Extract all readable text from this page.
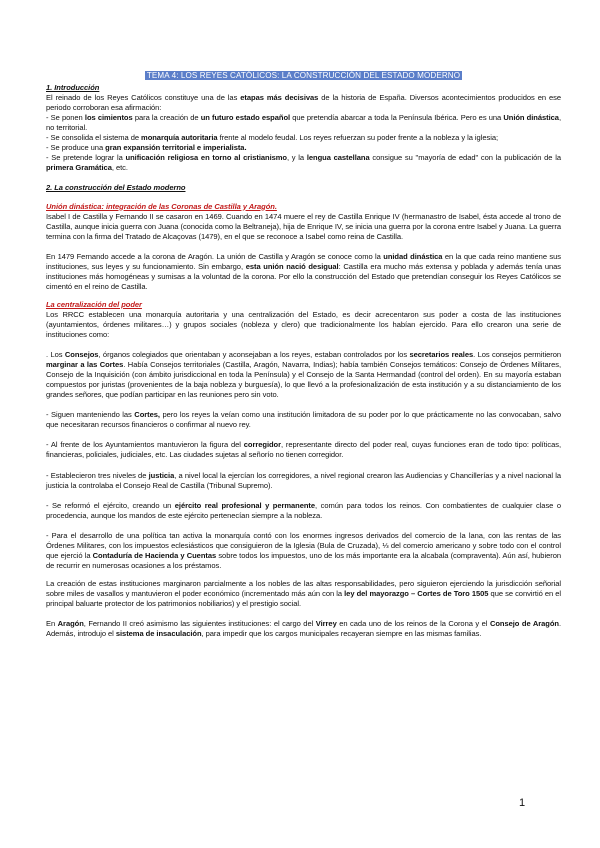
TEMA 4: LOS REYES CATÓLICOS: LA CONSTRUCCIÓN DEL ESTADO MODERNO

1. Introducción

El reinado de los Reyes Católicos constituye una de las etapas más decisivas de la historia de España. Diversos acontecimientos producidos en ese periodo corroboran esa afirmación:

- Se ponen los cimientos para la creación de un futuro estado español que pretendía abarcar a toda la Península Ibérica. Pero es una Unión dinástica, no territorial.

- Se consolida el sistema de monarquía autoritaria frente al modelo feudal. Los reyes refuerzan su poder frente a la nobleza y la iglesia;

- Se produce una gran expansión territorial e imperialista.

- Se pretende lograr la unificación religiosa en torno al cristianismo, y la lengua castellana consigue su "mayoría de edad" con la publicación de la primera Gramática, etc.

2. La construcción del Estado moderno

Unión dinástica: integración de las Coronas de Castilla y Aragón.

Isabel I de Castilla y Fernando II se casaron en 1469. Cuando en 1474 muere el rey de Castilla Enrique IV (hermanastro de Isabel, ésta accede al trono de Castilla, aunque inicia guerra con Juana (conocida como la Beltraneja), hija de Enrique IV, se inicia una guerra por la corona entre Isabel y Juana. La guerra termina con la firma del Tratado de Alcaçovas (1479), en el que se reconoce a Isabel como reina de Castilla.

En 1479 Fernando accede a la corona de Aragón. La unión de Castilla y Aragón se conoce como la unidad dinástica en la que cada reino mantiene sus instituciones, sus leyes y su funcionamiento. Sin embargo, esta unión nació desigual: Castilla era mucho más extensa y poblada y además tenía unas instituciones más homogéneas y sumisas a la voluntad de la corona. Por ello la construcción del Estado que pretendían conseguir los Reyes Católicos se cimentó en el reino de Castilla.

La centralización del poder

Los RRCC establecen una monarquía autoritaria y una centralización del Estado, es decir acrecentaron sus poder a costa de las instituciones (ayuntamientos, órdenes militares…) y grupos sociales (nobleza y clero) que tradicionalmente los habían ejercido. Para ello crearon una serie de instituciones como:

. Los Consejos, órganos colegiados que orientaban y aconsejaban a los reyes, estaban controlados por los secretarios reales. Los consejos permitieron marginar a las Cortes. Había Consejos territoriales (Castilla, Aragón, Navarra, Indias); había también Consejos temáticos: Consejo de Órdenes Militares, Consejo de la Inquisición (con ámbito jurisdiccional en toda la Península) y el Consejo de la Santa Hermandad (control del orden). En su mayoría estaban compuestos por juristas (provenientes de la baja nobleza y burguesía), lo que llevó a la profesionalización de esta institución y a su distanciamiento de los grandes señores, que podían participar en las reuniones pero sin voto.

- Siguen manteniendo las Cortes, pero los reyes la veían como una institución limitadora de su poder por lo que prácticamente no las convocaban, salvo que necesitaran recursos financieros o confirmar al nuevo rey.

- Al frente de los Ayuntamientos mantuvieron la figura del corregidor, representante directo del poder real, cuyas funciones eran de todo tipo: políticas, financieras, policiales, judiciales, etc. Las ciudades sujetas al señorío no tienen corregidor.

- Establecieron tres niveles de justicia, a nivel local la ejercían los corregidores, a nivel regional crearon las Audiencias y Chancillerías y a nivel nacional la justicia la controlaba el Consejo Real de Castilla (Tribunal Supremo).

- Se reformó el ejército, creando un ejército real profesional y permanente, común para todos los reinos. Con combatientes de cualquier clase o procedencia, aunque los mandos de este ejército pertenecían siempre a la nobleza.

- Para el desarrollo de una política tan activa la monarquía contó con los enormes ingresos derivados del comercio de la lana, con las rentas de las Órdenes Militares, con los impuestos eclesiásticos que consiguieron de la Iglesia (Bula de Cruzada), ⅓ del comercio americano y sobre todo con el control que ejerció la Contaduría de Hacienda y Cuentas sobre todos los impuestos, uno de los más importante era la alcabala (compraventa). Aún así, hubieron de recurrir en numerosas ocasiones a los préstamos.

La creación de estas instituciones marginaron parcialmente a los nobles de las altas responsabilidades, pero siguieron ejerciendo la jurisdicción señorial sobre miles de vasallos y mantuvieron el poder económico (incrementado más aún con la ley del mayorazgo – Cortes de Toro 1505 que se convirtió en el principal baluarte protector de los patrimonios nobiliarios) y el prestigio social.

En Aragón, Fernando II creó asimismo las siguientes instituciones: el cargo del Virrey en cada uno de los reinos de la Corona y el Consejo de Aragón. Además, introdujo el sistema de insaculación, para impedir que los cargos municipales recayeran siempre en las mismas familias.

1
